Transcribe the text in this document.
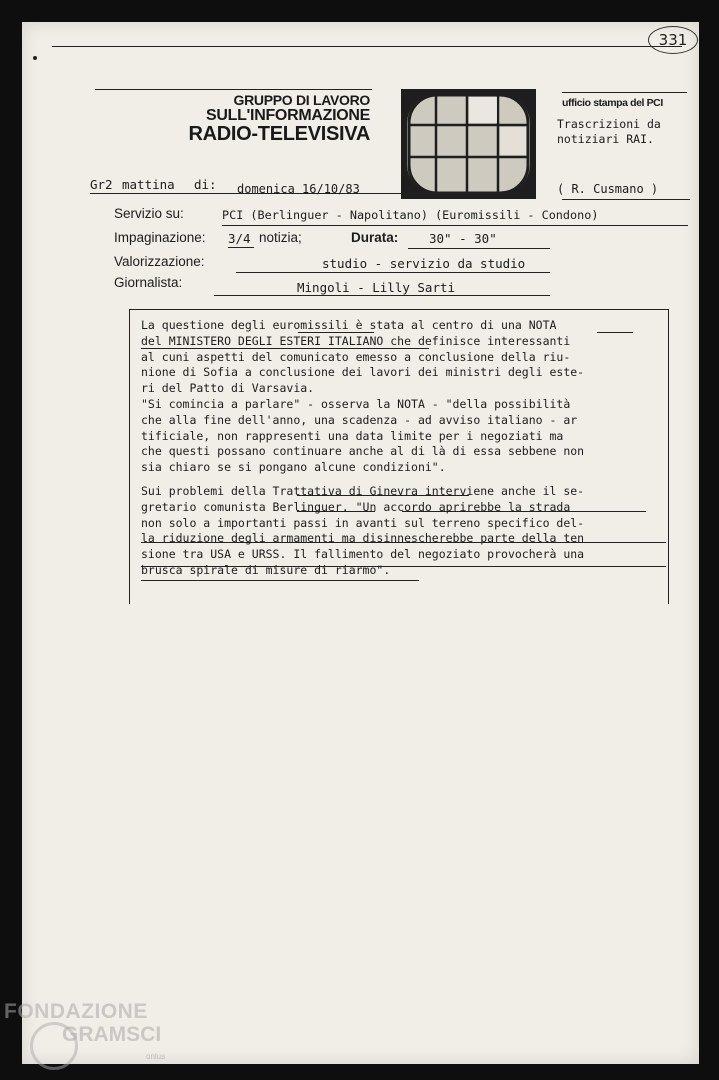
331
GRUPPO DI LAVORO
SULL'INFORMAZIONE
RADIO-TELEVISIVA
ufficio stampa del PCI
Trascrizioni da
notiziari RAI.
Gr2 mattina di: domenica 16/10/83	( R. Cusmano )
Servizio su:	PCI (Berlinguer - Napolitano) (Euromissili - Condono)
Impaginazione: 3/4 notizia;	Durata: 30" - 30"
Valorizzazione:	studio - servizio da studio
Giornalista:	Mingoli - Lilly Sarti
La questione degli euromissili è stata al centro di una NOTA
del MINISTERO DEGLI ESTERI ITALIANO che definisce interessanti
al cuni aspetti del comunicato emesso a conclusione della riu-
nione di Sofia a conclusione dei lavori dei ministri degli este-
ri del Patto di Varsavia.
"Si comincia a parlare" - osserva la NOTA - "della possibilità
che alla fine dell'anno, una scadenza - ad avviso italiano - ar
tificiale, non rappresenti una data limite per i negoziati ma
che questi possano continuare anche al di là di essa sebbene non
sia chiaro se si pongano alcune condizioni".
Sui problemi della Trattativa di Ginevra interviene anche il se-
gretario comunista Berlinguer. "Un accordo aprirebbe la strada
non solo a importanti passi in avanti sul terreno specifico del-
la riduzione degli armamenti ma disinnescherebbe parte della ten
sione tra USA e URSS. Il fallimento del negoziato provocherà una
brusca spirale di misure di riarmo".
FONDAZIONE
GRAMSCI
onlus
